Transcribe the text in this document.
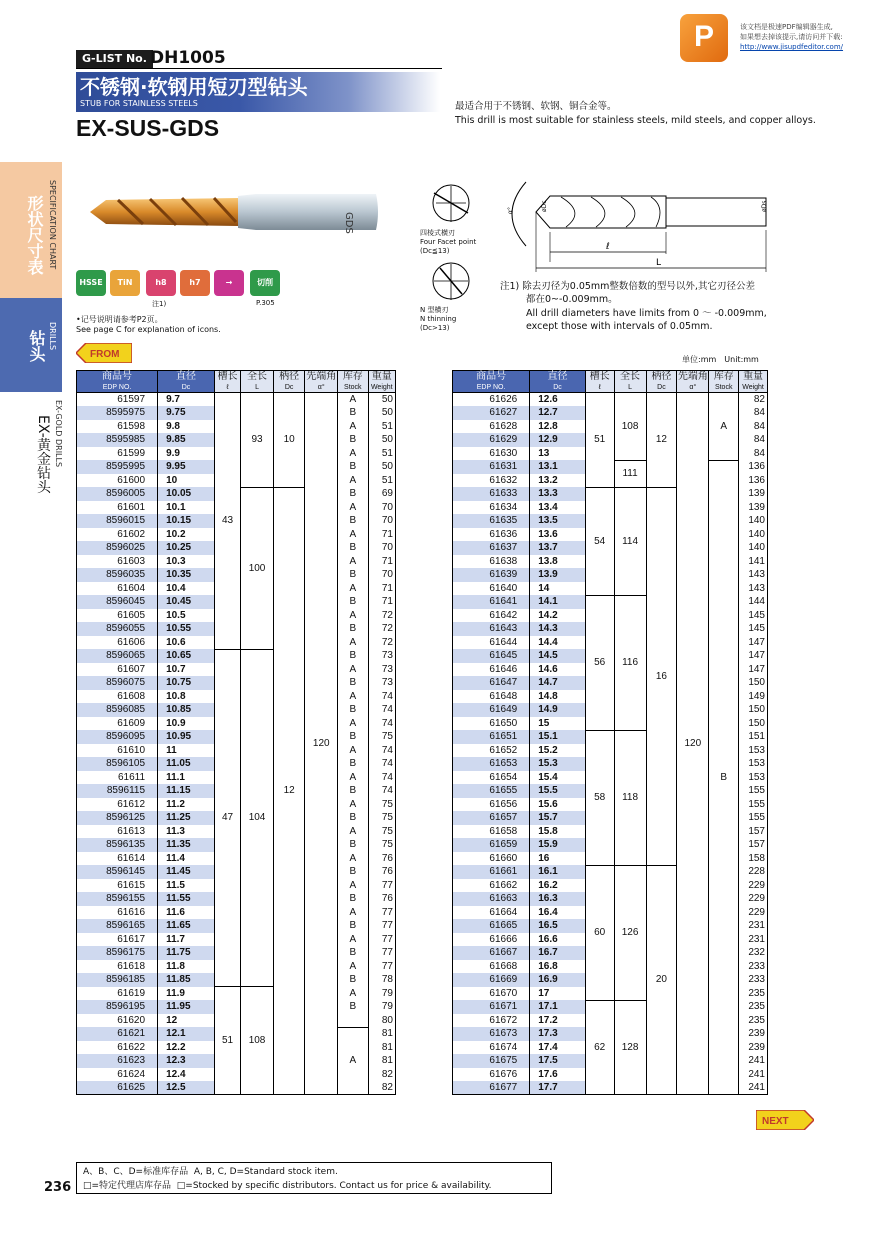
G-LIST No. DH1005
不锈钢·软钢用短刃型钻头
STUB FOR STAINLESS STEELS
EX-SUS-GDS
最适合用于不锈钢、软钢、铜合金等。
This drill is most suitable for stainless steels, mild steels, and copper alloys.
P	该文档是极速PDF编辑器生成,
如果想去掉该提示,请访问并下载:
http://www.jisupdfeditor.com/
形状尺寸表 SPECIFICATION CHART
钻头 DRILLS
EX-黄金钻头 EX-GOLD DRILLS
GDS
HSSE	TiN	h8	h7	→	切削
注1)	P.305
•记号说明请参考P2页。
See page C for explanation of icons.
四棱式横刃
Four Facet point
(Dc≦13)
N 型横刃
N thinning
(Dc>13)
ℓ
L
øDc	øDs
α°
注1) 除去刃径为0.05mm整数倍数的型号以外,其它刃径公差
都在0~-0.009mm。
All drill diameters have limits from 0 ～ -0.009mm,
except those with intervals of 0.05mm.
FROM
NEXT
单位:mm　Unit:mm
商品号
EDP NO.	直径
Dc	槽长
ℓ	全长
L	柄径
Dc	先端角
α°	库存
Stock	重量
Weight

61597	9.7	43	93	10	120	A	50
8595975	9.75					B	50
61598	9.8					A	51
8595985	9.85					B	50
61599	9.9					A	51
8595995	9.95					B	50
61600	10					A	51
8596005	10.05		100	12		B	69
61601	10.1					A	70
8596015	10.15					B	70
61602	10.2					A	71
8596025	10.25					B	70
61603	10.3					A	71
8596035	10.35					B	70
61604	10.4					A	71
8596045	10.45					B	71
61605	10.5					A	72
8596055	10.55					B	72
61606	10.6					A	72
8596065	10.65	47	104			B	73
61607	10.7					A	73
8596075	10.75					B	73
61608	10.8					A	74
8596085	10.85					B	74
61609	10.9					A	74
8596095	10.95					B	75
61610	11					A	74
8596105	11.05					B	74
61611	11.1					A	74
8596115	11.15					B	74
61612	11.2					A	75
8596125	11.25					B	75
61613	11.3					A	75
8596135	11.35					B	75
61614	11.4					A	76
8596145	11.45					B	76
61615	11.5					A	77
8596155	11.55					B	76
61616	11.6					A	77
8596165	11.65					B	77
61617	11.7					A	77
8596175	11.75					B	77
61618	11.8					A	77
8596185	11.85					B	78
61619	11.9	51	108			A	79
8596195	11.95					B	79
61620	12						80
61621	12.1					A	81
61622	12.2						81
61623	12.3						81
61624	12.4						82
61625	12.5						82
商品号
EDP NO.	直径
Dc	槽长
ℓ	全长
L	柄径
Dc	先端角
α°	库存
Stock	重量
Weight

61626	12.6	51	108	12	120	A	82
61627	12.7						84
61628	12.8						84
61629	12.9						84
61630	13						84
61631	13.1		111			B	136
61632	13.2						136
61633	13.3	54	114	16			139
61634	13.4						139
61635	13.5						140
61636	13.6						140
61637	13.7						140
61638	13.8						141
61639	13.9						143
61640	14						143
61641	14.1	56	116				144
61642	14.2						145
61643	14.3						145
61644	14.4						147
61645	14.5						147
61646	14.6						147
61647	14.7						150
61648	14.8						149
61649	14.9						150
61650	15						150
61651	15.1	58	118				151
61652	15.2						153
61653	15.3						153
61654	15.4						153
61655	15.5						155
61656	15.6						155
61657	15.7						155
61658	15.8						157
61659	15.9						157
61660	16						158
61661	16.1	60	126	20			228
61662	16.2						229
61663	16.3						229
61664	16.4						229
61665	16.5						231
61666	16.6						231
61667	16.7						232
61668	16.8						233
61669	16.9						233
61670	17						235
61671	17.1	62	128				235
61672	17.2						235
61673	17.3						239
61674	17.4						239
61675	17.5						241
61676	17.6						241
61677	17.7						241
236
A、B、C、D=标准库存品 A, B, C, D=Standard stock item.
□=特定代理店库存品 □=Stocked by specific distributors. Contact us for price & availability.
